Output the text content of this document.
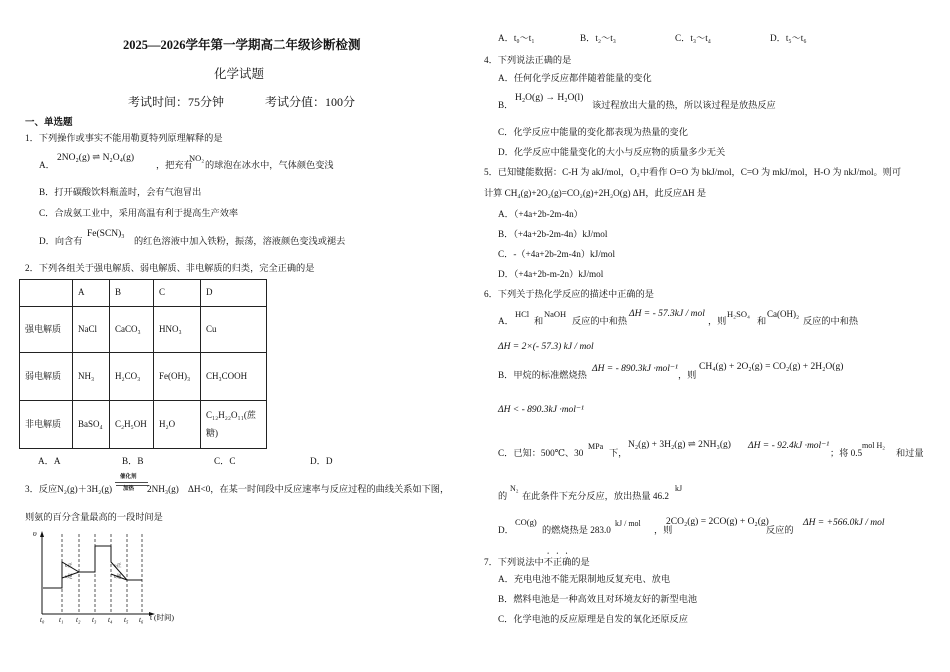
2025—2026学年第一学期高二年级诊断检测
化学试题
考试时间：75分钟	考试分值：100分
一、单选题
1．下列操作或事实不能用勒夏特列原理解释的是
A．
2NO₂(g) ⇌ N₂O₄(g)
，把充有
NO₂
的球泡在冰水中，气体颜色变浅
B．打开碳酸饮料瓶盖时，会有气泡冒出
C．合成氨工业中，采用高温有利于提高生产效率
D．向含有
Fe(SCN)₃
的红色溶液中加入铁粉，振荡，溶液颜色变浅或褪去
2．下列各组关于强电解质、弱电解质、非电解质的归类，完全正确的是
	A	B	C	D
强电解质	NaCl	CaCO₃	HNO₃	Cu
弱电解质	NH₃	H₂CO₃	Fe(OH)₃	CH₃COOH
非电解质	BaSO₄	C₂H₅OH	H₂O	C₁₂H₂₂O₁₁(蔗糖)
A．A	B．B	C．C	D．D
3．反应N₂(g)＋3H₂(g)
催化剂
加热 2NH₃(g)　ΔH<0，在某一时间段中反应速率与反应过程的曲线关系如下图，
则氨的百分含量最高的一段时间是
υ
t (时间)
υ正
υ逆
υ正
υ逆
t₀ t₁ t₂ t₃ t₄ t₅ t₆
A．t₀～t₁	B．t₂～t₃	C．t₃～t₄	D．t₅～t₆
4．下列说法正确的是
A．任何化学反应都伴随着能量的变化
B．
H₂O(g) → H₂O(l)
该过程放出大量的热，所以该过程是放热反应
C．化学反应中能量的变化都表现为热量的变化
D．化学反应中能量变化的大小与反应物的质量多少无关
5．已知键能数据：C-H 为 akJ/mol，O₂中看作 O=O 为 bkJ/mol，C=O 为 mkJ/mol，H-O 为 nkJ/mol。则可
计算 CH₄(g)+2O₂(g)=CO₂(g)+2H₂O(g) ΔH，此反应ΔH 是
A．（+4a+2b-2m-4n）
B．（+4a+2b-2m-4n）kJ/mol
C．-（+4a+2b-2m-4n）kJ/mol
D．（+4a+2b-m-2n）kJ/mol
6．下列关于热化学反应的描述中正确的是
A．
HCl
和
NaOH
反应的中和热
ΔH = - 57.3kJ / mol
，则
H₂SO₄
和
Ca(OH)₂
反应的中和热
ΔH = 2×(- 57.3) kJ / mol
B．甲烷的标准燃烧热
ΔH = - 890.3kJ ·mol⁻¹
，则
CH₄(g) + 2O₂(g) = CO₂(g) + 2H₂O(g)
ΔH < - 890.3kJ ·mol⁻¹
C．已知：500℃、30
MPa
下，
N₂(g) + 3H₂(g) ⇌ 2NH₃(g) ΔH = - 92.4kJ ·mol⁻¹
；将 0.5
mol H₂
和过量
的
N₂
在此条件下充分反应，放出热量 46.2
kJ
D．
CO(g)
的燃烧热是 283.0
kJ / mol
，则
2CO₂(g) = 2CO(g) + O₂(g)
反应的
ΔH = +566.0kJ / mol
7．下列说法中不正确的是
A．充电电池不能无限制地反复充电、放电
B．燃料电池是一种高效且对环境友好的新型电池
C．化学电池的反应原理是自发的氧化还原反应
